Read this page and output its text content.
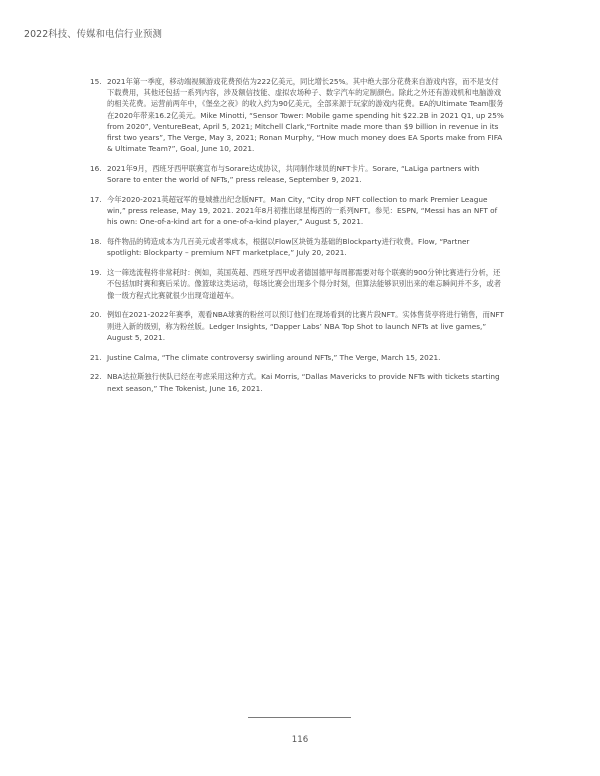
2022科技、传媒和电信行业预测
15. 2021年第一季度，移动端视频游戏花费预估为222亿美元，同比增长25%。其中绝大部分花费来自游戏内容，而不是支付下载费用，其他还包括一系列内容，涉及额信技能、虚拟农场种子、数字汽车的定制颜色。除此之外还有游戏机和电脑游戏的相关花费。运营前两年中，《堡垒之夜》的收入约为90亿美元，全部来源于玩家的游戏内花费。EA的Ultimate Team服务在2020年带来16.2亿美元。Mike Minotti, “Sensor Tower: Mobile game spending hit $22.2B in 2021 Q1, up 25% from 2020”, VentureBeat, April 5, 2021; Mitchell Clark,“Fortnite made more than $9 billion in revenue in its first two years”, The Verge, May 3, 2021; Ronan Murphy, “How much money does EA Sports make from FIFA & Ultimate Team?”, Goal, June 10, 2021.
16. 2021年9月，西班牙西甲联赛宣布与Sorare达成协议，共同制作球员的NFT卡片。Sorare, “LaLiga partners with Sorare to enter the world of NFTs,” press release, September 9, 2021.
17. 今年2020-2021英超冠军的曼城推出纪念版NFT。Man City, “City drop NFT collection to mark Premier League win,” press release, May 19, 2021. 2021年8月初推出球星梅西的一系列NFT。参见：ESPN, “Messi has an NFT of his own: One-of-a-kind art for a one-of-a-kind player,” August 5, 2021.
18. 每件物品的铸造成本为几百美元或者零成本，根据以Flow区块链为基础的Blockparty进行收费。Flow, “Partner spotlight: Blockparty – premium NFT marketplace,” July 20, 2021.
19. 这一筛选流程将非常耗时：例如，英国英超、西班牙西甲或者德国德甲每周都需要对每个联赛的900分钟比赛进行分析，还不包括加时赛和赛后采访。像篮球这类运动，每场比赛会出现多个得分时刻，但算法能够识别出来的难忘瞬间并不多，或者像一级方程式比赛就很少出现弯道超车。
20. 例如在2021-2022年赛季，观看NBA球赛的粉丝可以预订他们在现场看到的比赛片段NFT。实体售货亭将进行销售，而NFT则进入新的级别，称为粉丝版。Ledger Insights, “Dapper Labs’ NBA Top Shot to launch NFTs at live games,” August 5, 2021.
21. Justine Calma, “The climate controversy swirling around NFTs,” The Verge, March 15, 2021.
22. NBA达拉斯独行侠队已经在考虑采用这种方式。Kai Morris, “Dallas Mavericks to provide NFTs with tickets starting next season,” The Tokenist, June 16, 2021.
116
